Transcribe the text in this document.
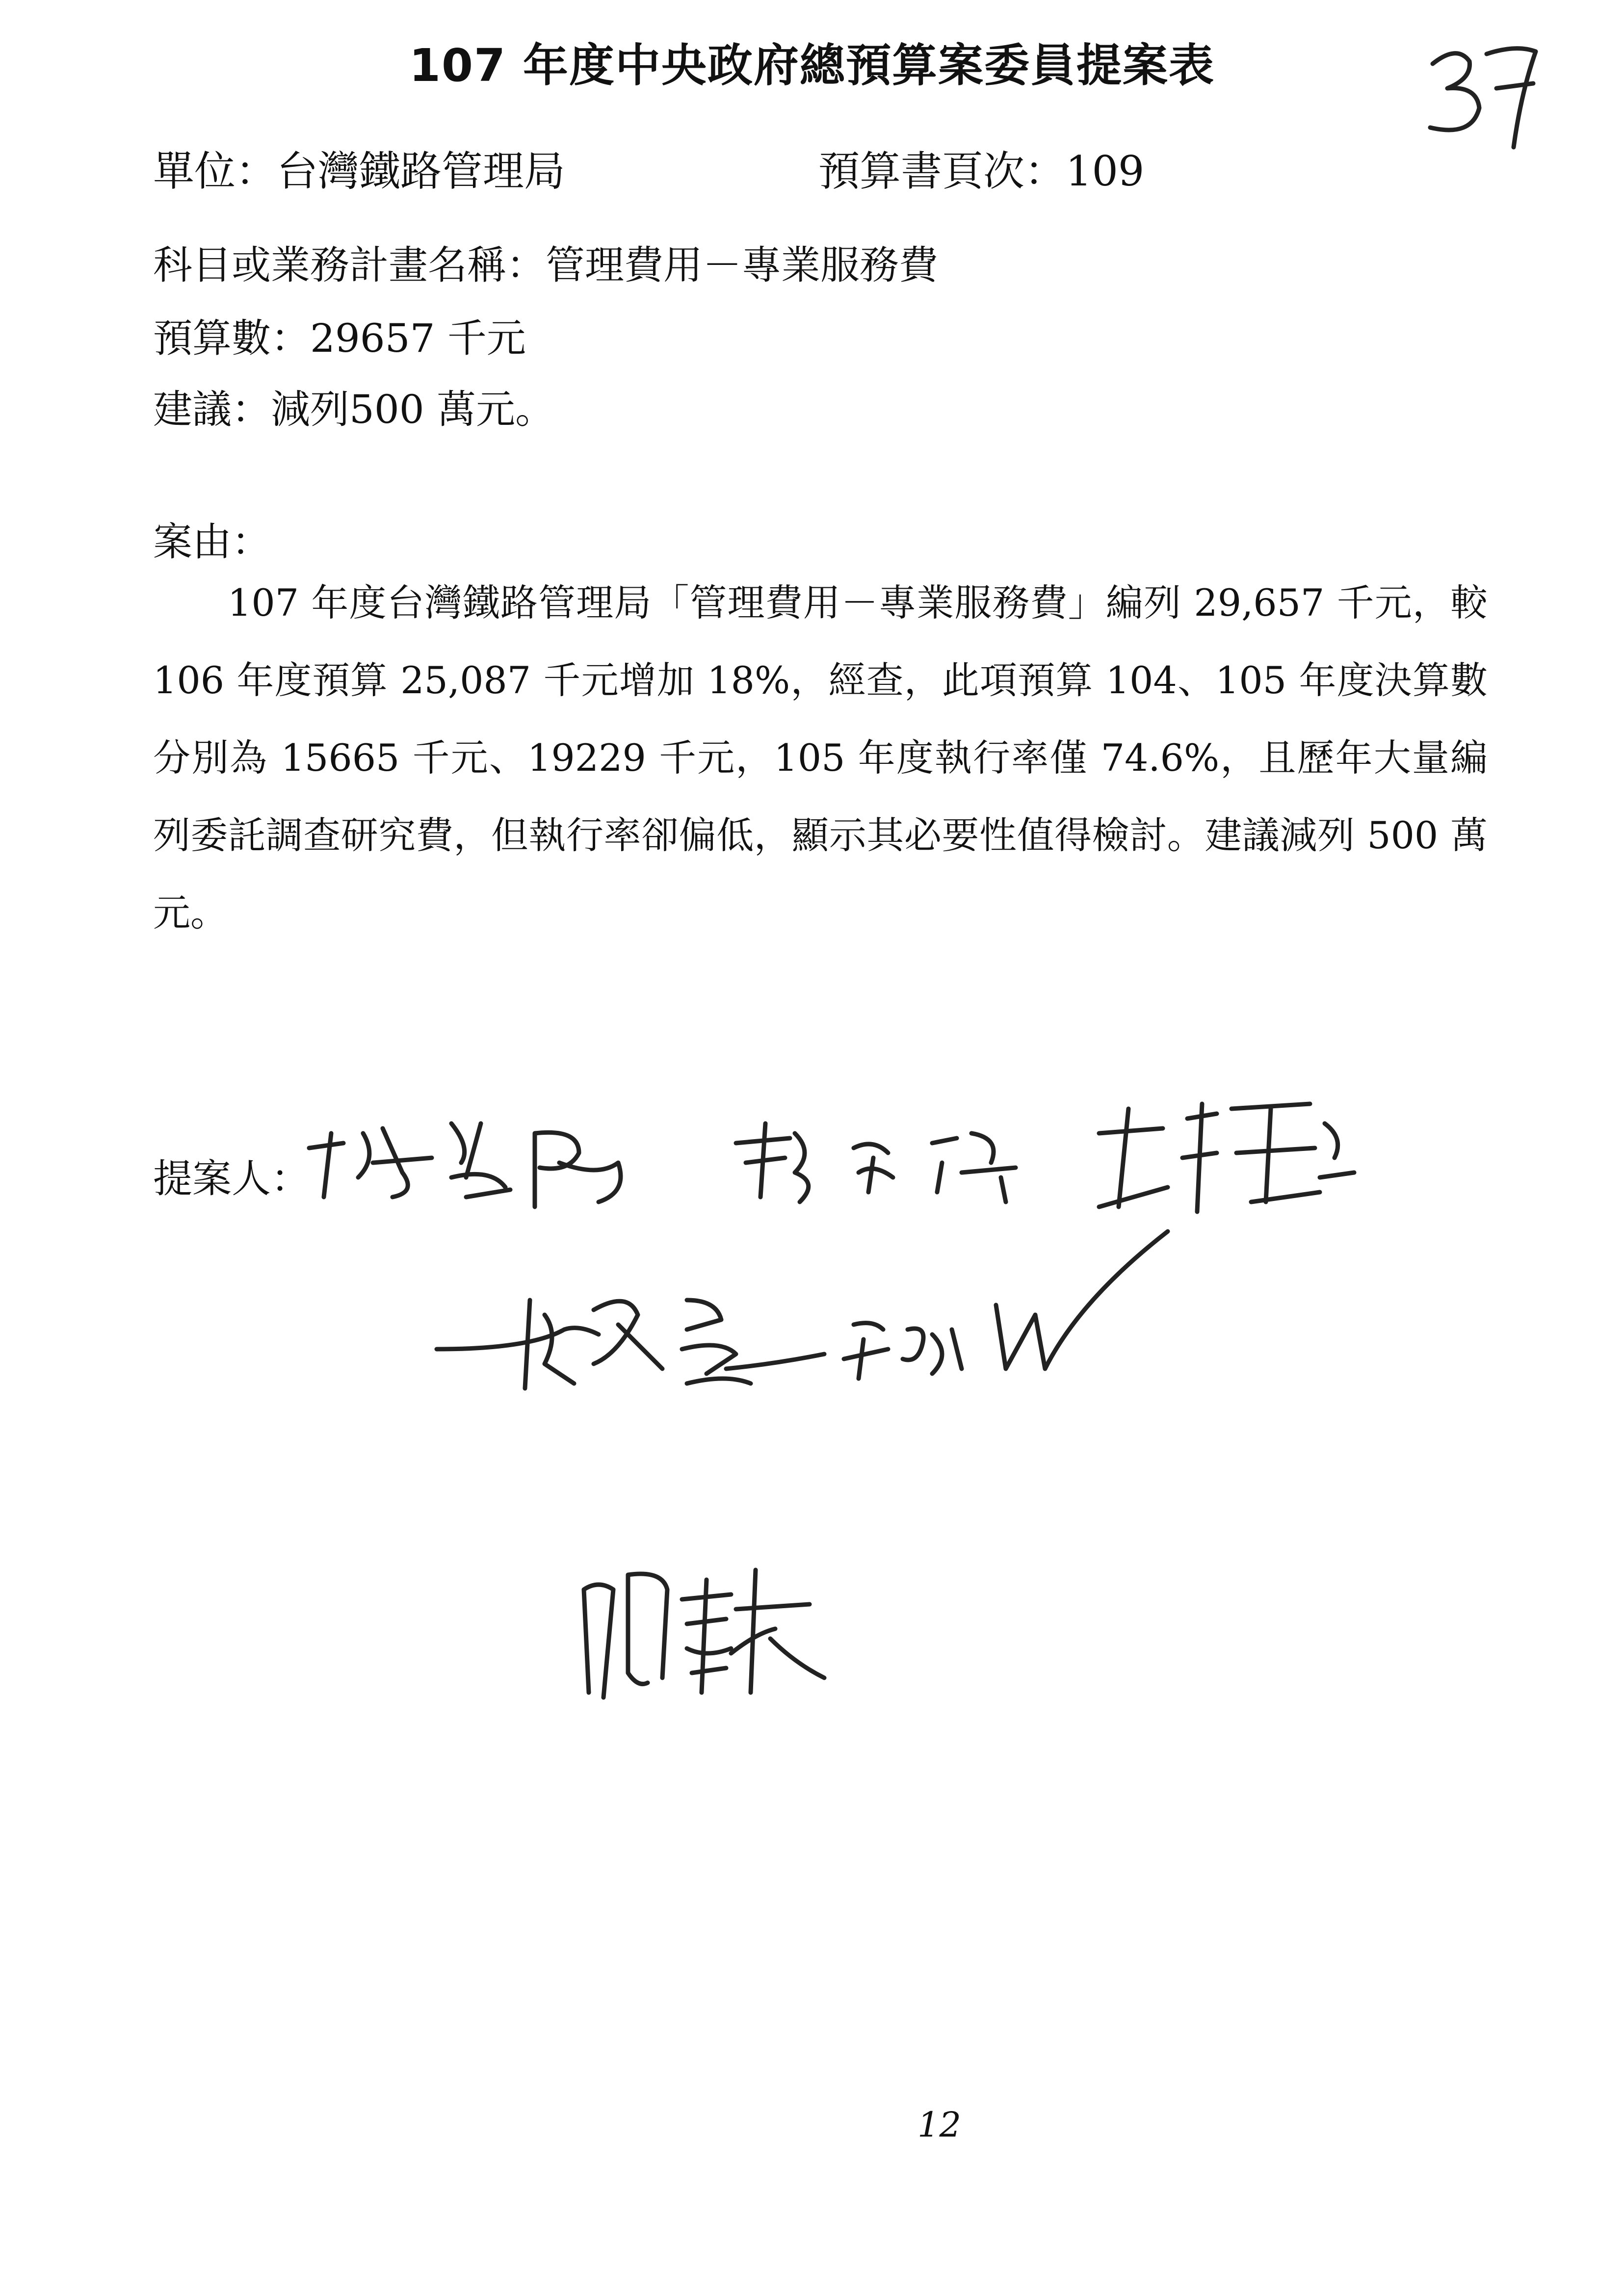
107 年度中央政府總預算案委員提案表
單位：台灣鐵路管理局	預算書頁次：109
科目或業務計畫名稱：管理費用－專業服務費
預算數：29657 千元
建議：減列500 萬元。
案由：
107 年度台灣鐵路管理局「管理費用－專業服務費」編列 29,657 千元，較 106 年度預算 25,087 千元增加 18%，經查，此項預算 104、105 年度決算數分別為 15665 千元、19229 千元，105 年度執行率僅 74.6%，且歷年大量編列委託調查研究費，但執行率卻偏低，顯示其必要性值得檢討。建議減列 500 萬元。
提案人：
12
